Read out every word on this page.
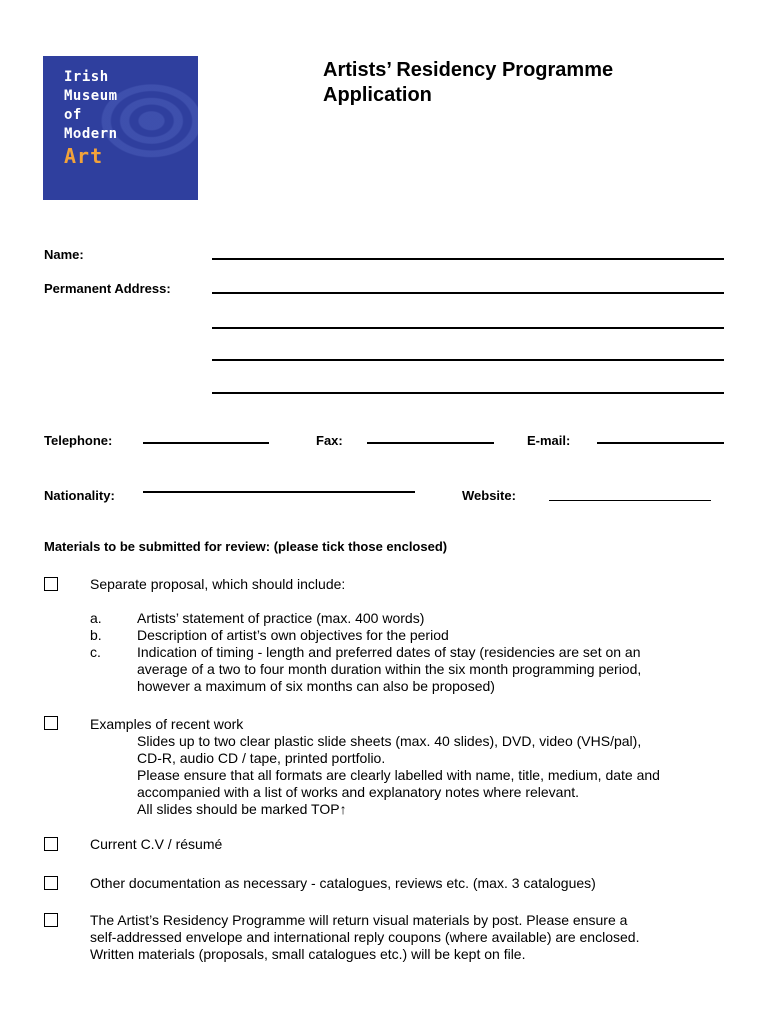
Irish
Museum
of
Modern
Art
Artists’ Residency Programme
Application
Name:
Permanent Address:
Telephone:	Fax:	E-mail:
Nationality:	Website:
Materials to be submitted for review: (please tick those enclosed)
Separate proposal, which should include:
a.	Artists’ statement of practice (max. 400 words)
b.	Description of artist’s own objectives for the period
c.	Indication of timing - length and preferred dates of stay (residencies are set on an
average of a two to four month duration within the six month programming period,
however a maximum of six months can also be proposed)
Examples of recent work
Slides up to two clear plastic slide sheets (max. 40 slides), DVD, video (VHS/pal),
CD-R, audio CD / tape, printed portfolio.
Please ensure that all formats are clearly labelled with name, title, medium, date and
accompanied with a list of works and explanatory notes where relevant.
All slides should be marked TOP↑
Current C.V / résumé
Other documentation as necessary - catalogues, reviews etc. (max. 3 catalogues)
The Artist’s Residency Programme will return visual materials by post. Please ensure a
self-addressed envelope and international reply coupons (where available) are enclosed.
Written materials (proposals, small catalogues etc.) will be kept on file.
